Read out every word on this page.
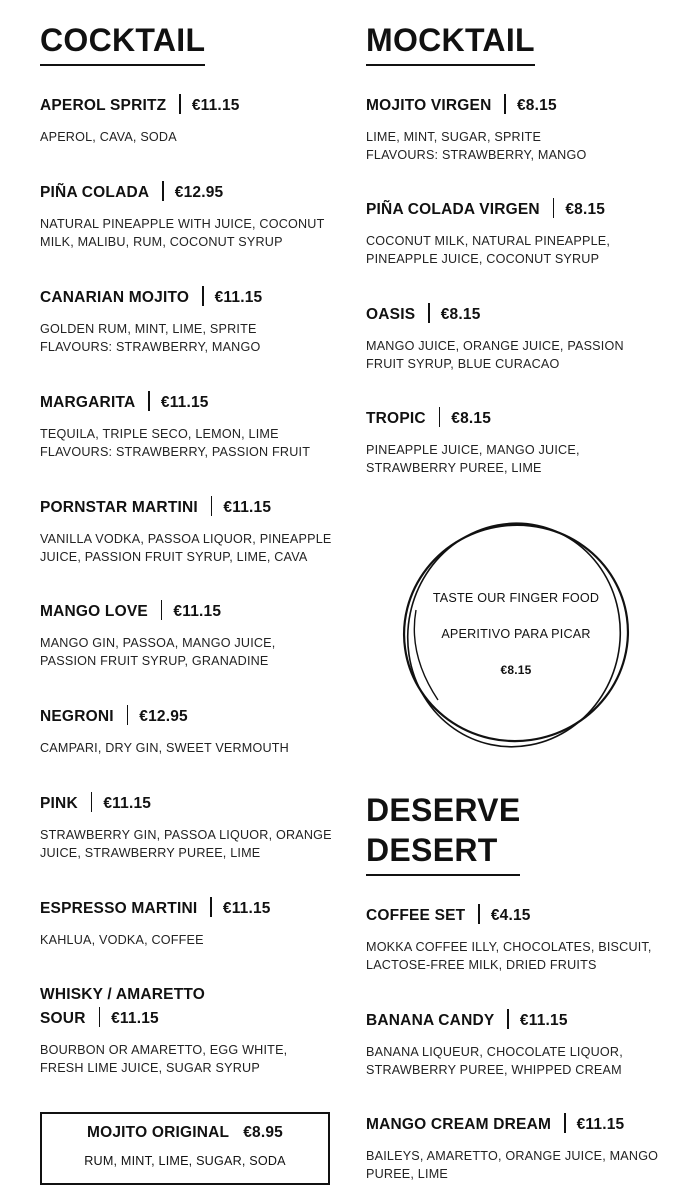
COCKTAIL
APEROL SPRITZ €11.15
APEROL, CAVA, SODA
PIÑA COLADA €12.95
NATURAL PINEAPPLE WITH JUICE, COCONUT
MILK, MALIBU, RUM, COCONUT SYRUP
CANARIAN MOJITO €11.15
GOLDEN RUM, MINT, LIME, SPRITE
FLAVOURS: STRAWBERRY, MANGO
MARGARITA €11.15
TEQUILA, TRIPLE SECO, LEMON, LIME
FLAVOURS: STRAWBERRY, PASSION FRUIT
PORNSTAR MARTINI €11.15
VANILLA VODKA, PASSOA LIQUOR, PINEAPPLE
JUICE, PASSION FRUIT SYRUP, LIME, CAVA
MANGO LOVE €11.15
MANGO GIN, PASSOA, MANGO JUICE,
PASSION FRUIT SYRUP, GRANADINE
NEGRONI €12.95
CAMPARI, DRY GIN, SWEET VERMOUTH
PINK €11.15
STRAWBERRY GIN, PASSOA LIQUOR, ORANGE
JUICE, STRAWBERRY PUREE, LIME
ESPRESSO MARTINI €11.15
KAHLUA, VODKA, COFFEE
WHISKY / AMARETTO
SOUR €11.15
BOURBON OR AMARETTO, EGG WHITE,
FRESH LIME JUICE, SUGAR SYRUP
MOJITO ORIGINAL €8.95
RUM, MINT, LIME, SUGAR, SODA
MOCKTAIL
MOJITO VIRGEN €8.15
LIME, MINT, SUGAR, SPRITE
FLAVOURS: STRAWBERRY, MANGO
PIÑA COLADA VIRGEN €8.15
COCONUT MILK, NATURAL PINEAPPLE,
PINEAPPLE JUICE, COCONUT SYRUP
OASIS €8.15
MANGO JUICE, ORANGE JUICE, PASSION
FRUIT SYRUP, BLUE CURACAO
TROPIC €8.15
PINEAPPLE JUICE, MANGO JUICE,
STRAWBERRY PUREE, LIME
DESERVE
DESERT
COFFEE SET €4.15
MOKKA COFFEE ILLY, CHOCOLATES, BISCUIT,
LACTOSE-FREE MILK, DRIED FRUITS
BANANA CANDY €11.15
BANANA LIQUEUR, CHOCOLATE LIQUOR,
STRAWBERRY PUREE, WHIPPED CREAM
MANGO CREAM DREAM €11.15
BAILEYS, AMARETTO, ORANGE JUICE, MANGO
PUREE, LIME
TASTE OUR FINGER FOOD
APERITIVO PARA PICAR
€8.15
